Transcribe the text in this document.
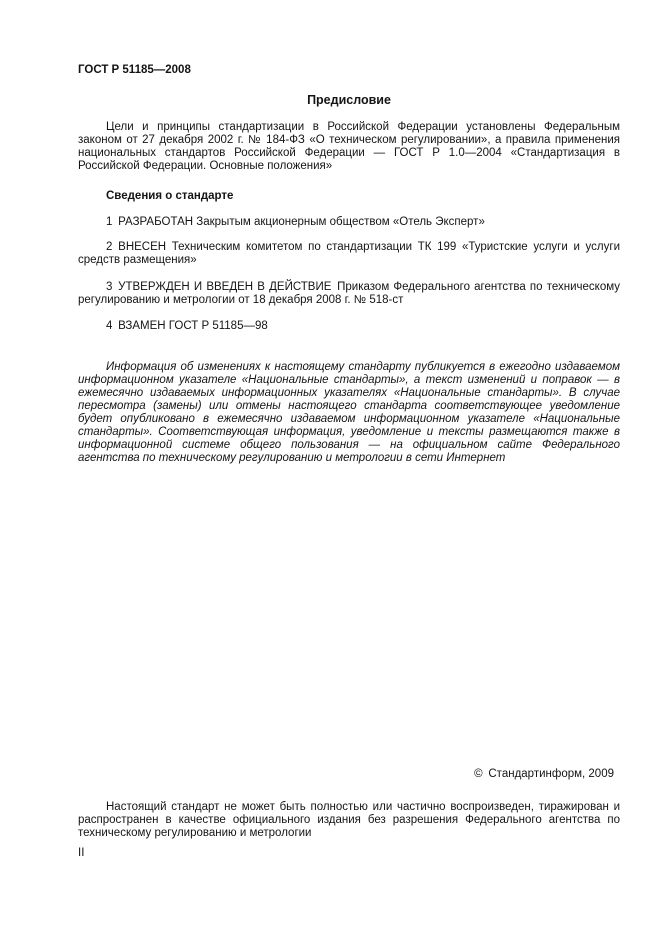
ГОСТ Р 51185—2008
Предисловие
Цели и принципы стандартизации в Российской Федерации установлены Федеральным законом от 27 декабря 2002 г. № 184-ФЗ «О техническом регулировании», а правила применения национальных стандартов Российской Федерации — ГОСТ Р 1.0—2004 «Стандартизация в Российской Федерации. Основные положения»
Сведения о стандарте
1 РАЗРАБОТАН Закрытым акционерным обществом «Отель Эксперт»
2 ВНЕСЕН Техническим комитетом по стандартизации ТК 199 «Туристские услуги и услуги средств размещения»
3 УТВЕРЖДЕН И ВВЕДЕН В ДЕЙСТВИЕ Приказом Федерального агентства по техническому регулированию и метрологии от 18 декабря 2008 г. № 518-ст
4 ВЗАМЕН ГОСТ Р 51185—98
Информация об изменениях к настоящему стандарту публикуется в ежегодно издаваемом информационном указателе «Национальные стандарты», а текст изменений и поправок — в ежемесячно издаваемых информационных указателях «Национальные стандарты». В случае пересмотра (замены) или отмены настоящего стандарта соответствующее уведомление будет опубликовано в ежемесячно издаваемом информационном указателе «Национальные стандарты». Соответствующая информация, уведомление и тексты размещаются также в информационной системе общего пользования — на официальном сайте Федерального агентства по техническому регулированию и метрологии в сети Интернет
© Стандартинформ, 2009
Настоящий стандарт не может быть полностью или частично воспроизведен, тиражирован и распространен в качестве официального издания без разрешения Федерального агентства по техническому регулированию и метрологии
II
